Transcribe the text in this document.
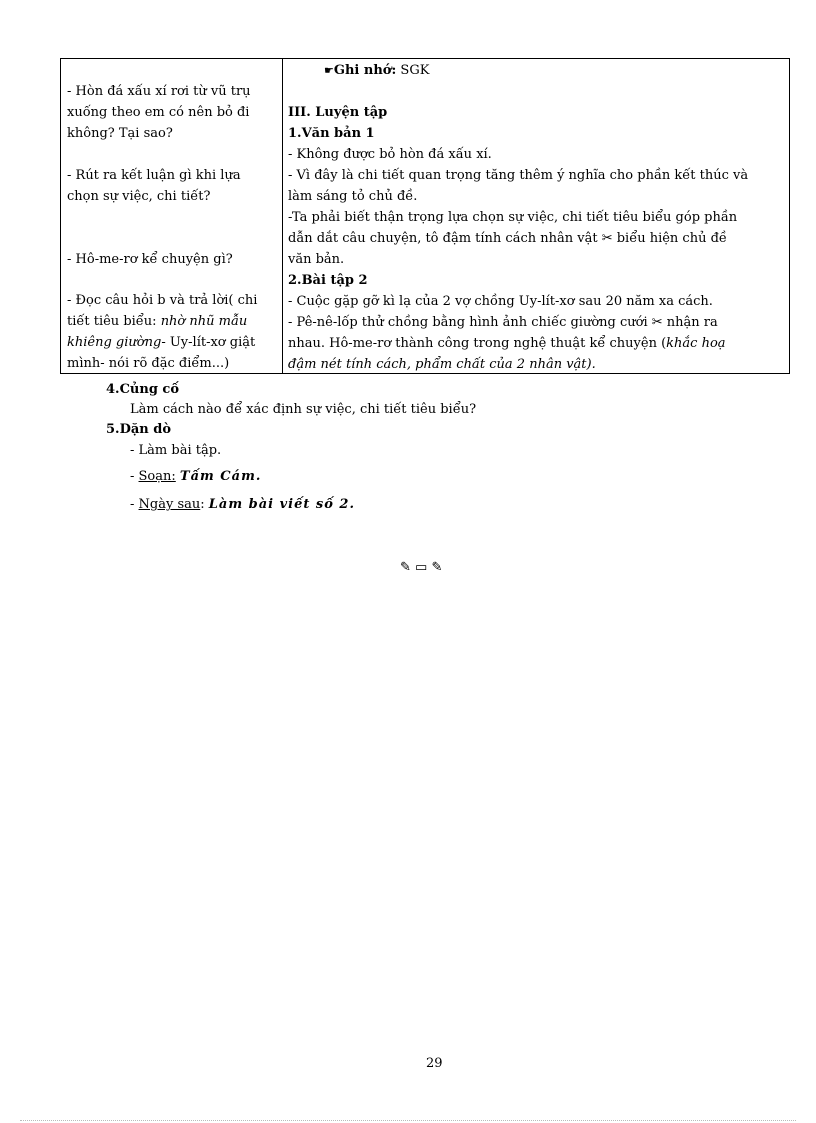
- Hòn đá xấu xí rơi từ vũ trụ
xuống theo em có nên bỏ đi
không? Tại sao?
- Rút ra kết luận gì khi lựa
chọn sự việc, chi tiết?
- Hô-me-rơ kể chuyện gì?
- Đọc câu hỏi b và trả lời( chi
tiết tiêu biểu: nhờ nhũ mẫu
khiêng giường- Uy-lít-xơ giật
mình- nói rõ đặc điểm...)
☛Ghi nhớ: SGK
III. Luyện tập
1.Văn bản 1
- Không được bỏ hòn đá xấu xí.
- Vì đây là chi tiết quan trọng tăng thêm ý nghĩa cho phần kết thúc và
làm sáng tỏ chủ đề.
-Ta phải biết thận trọng lựa chọn sự việc, chi tiết tiêu biểu góp phần
dẫn dắt câu chuyện, tô đậm tính cách nhân vật ✂ biểu hiện chủ đề
văn bản.
2.Bài tập 2
- Cuộc gặp gỡ kì lạ của 2 vợ chồng Uy-lít-xơ sau 20 năm xa cách.
- Pê-nê-lốp thử chồng bằng hình ảnh chiếc giường cưới ✂ nhận ra
nhau. Hô-me-rơ thành công trong nghệ thuật kể chuyện (khắc hoạ
đậm nét tính cách, phẩm chất của 2 nhân vật).
4.Củng cố
Làm cách nào để xác định sự việc, chi tiết tiêu biểu?
5.Dặn dò
- Làm bài tập.
- Soạn: Tấm Cám.
- Ngày sau: Làm bài viết số 2.
✎ ▭ ✎
29
